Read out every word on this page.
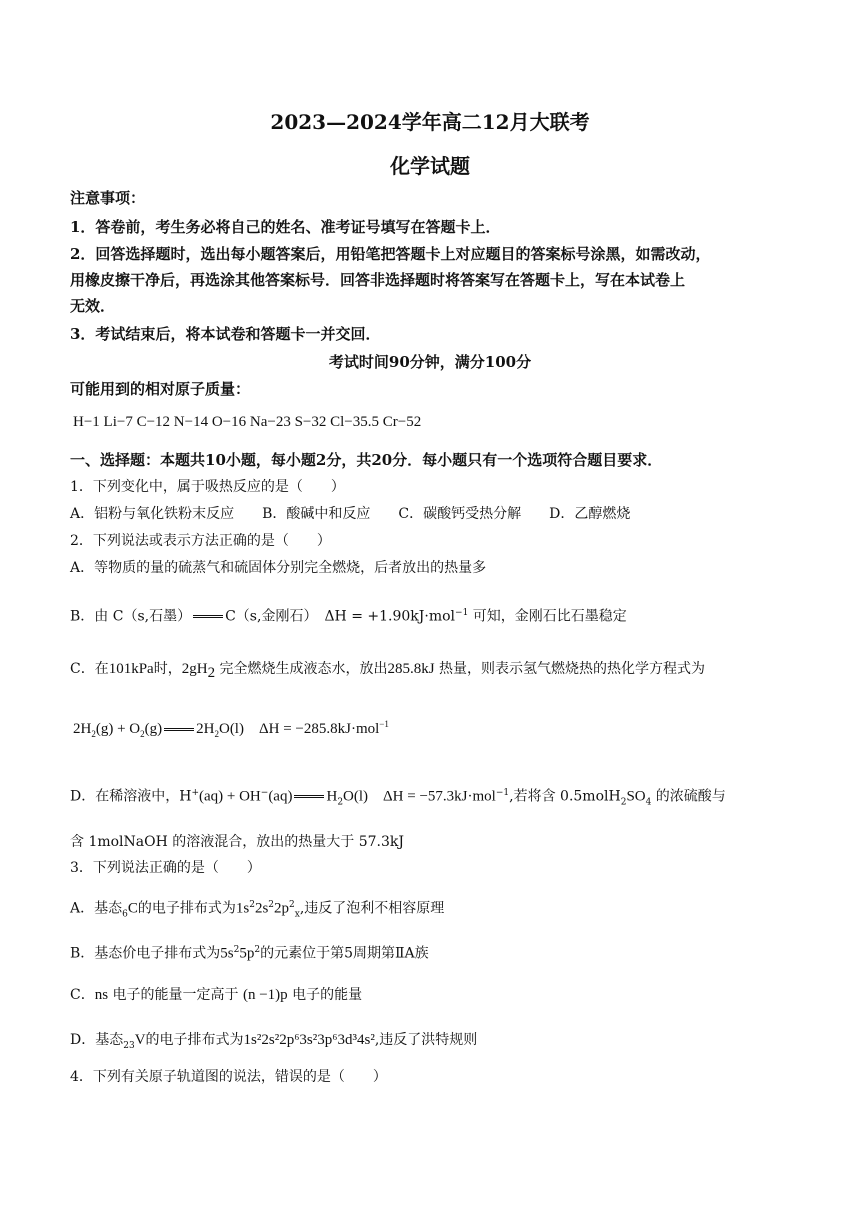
2023—2024学年高二12月大联考
化学试题
注意事项：
1．答卷前，考生务必将自己的姓名、准考证号填写在答题卡上．
2．回答选择题时，选出每小题答案后，用铅笔把答题卡上对应题目的答案标号涂黑，如需改动，
用橡皮擦干净后，再选涂其他答案标号．回答非选择题时将答案写在答题卡上，写在本试卷上
无效．
3．考试结束后，将本试卷和答题卡一并交回．
考试时间90分钟，满分100分
可能用到的相对原子质量：
H−1 Li−7 C−12 N−14 O−16 Na−23 S−32 Cl−35.5 Cr−52
一、选择题：本题共10小题，每小题2分，共20分．每小题只有一个选项符合题目要求．
1．下列变化中，属于吸热反应的是（　　）
A．铝粉与氧化铁粉末反应　　B．酸碱中和反应　　C．碳酸钙受热分解　　D．乙醇燃烧
2．下列说法或表示方法正确的是（　　）
A．等物质的量的硫蒸气和硫固体分别完全燃烧，后者放出的热量多
B．由 C（s,石墨） C（s,金刚石）　ΔH = +1.90kJ·mol$^{-1}$ 可知，金刚石比石墨稳定
C．在101kPa时，$2gH_2$ 完全燃烧生成液态水，放出285.8kJ 热量，则表示氢气燃烧热的热化学方程式为
$2H_2(g) + O_2(g)$ $2H_2O(l)$　ΔH = −285.8kJ·mol$^{-1}$
D．在稀溶液中，H+(aq) + OH−(aq) $H_2O(l)$　ΔH = −57.3kJ·mol$^{-1}$,若将含 $0.5molH_2SO_4$ 的浓硫酸与
含 1molNaOH 的溶液混合，放出的热量大于 57.3kJ
3．下列说法正确的是（　　）
A．基态$_6$C的电子排布式为$1s^22s^22p^2_x$,违反了泡利不相容原理
B．基态价电子排布式为$5s^25p^2$的元素位于第5周期第ⅡA族
C．ns 电子的能量一定高于 (n −1)p 电子的能量
D．基态$_{23}$V的电子排布式为1s²2s²2p⁶3s²3p⁶3d³4s²,违反了洪特规则
4．下列有关原子轨道图的说法，错误的是（　　）
